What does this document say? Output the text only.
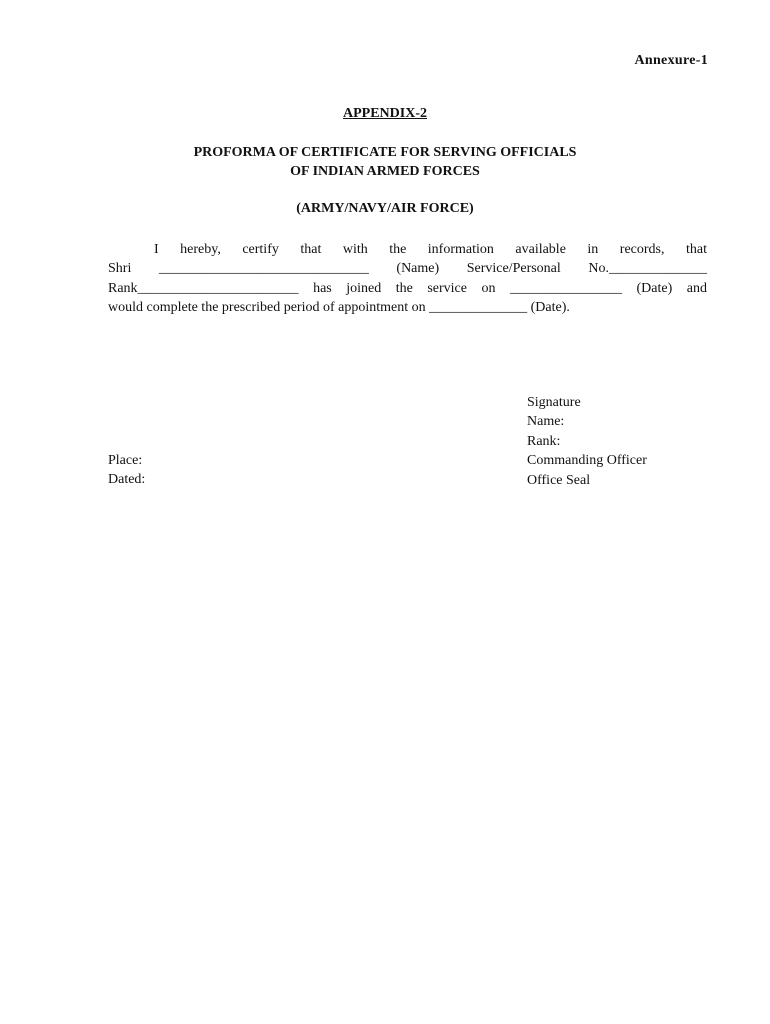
Annexure-1
APPENDIX-2
PROFORMA OF CERTIFICATE FOR SERVING OFFICIALS
OF INDIAN ARMED FORCES
(ARMY/NAVY/AIR FORCE)
I hereby, certify that with the information available in records, that
Shri ______________________________ (Name) Service/Personal No.______________
Rank_______________________ has joined the service on ________________ (Date) and
would complete the prescribed period of appointment on ______________ (Date).
Signature
Name:
Rank:
Commanding Officer
Office Seal
Place:
Dated:
